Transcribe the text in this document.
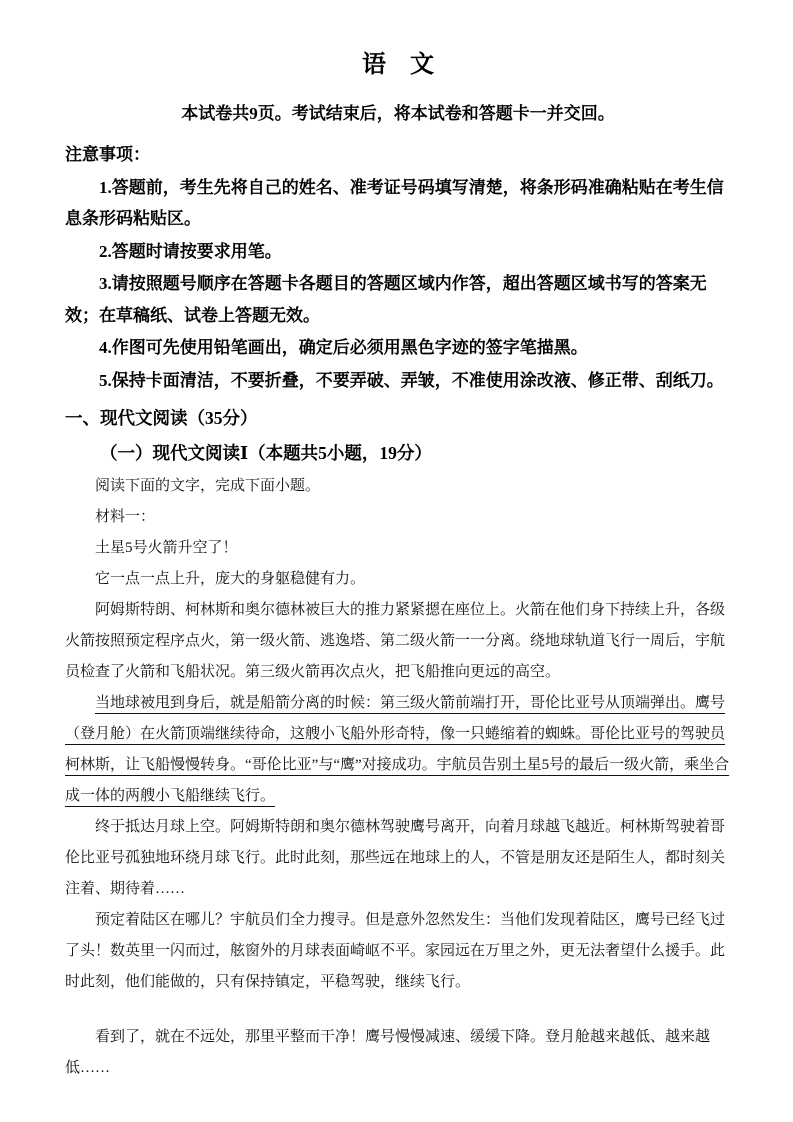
语　文

本试卷共9页。考试结束后，将本试卷和答题卡一并交回。

注意事项：

1.答题前，考生先将自己的姓名、准考证号码填写清楚，将条形码准确粘贴在考生信息条形码粘贴区。

2.答题时请按要求用笔。

3.请按照题号顺序在答题卡各题目的答题区域内作答，超出答题区域书写的答案无效；在草稿纸、试卷上答题无效。

4.作图可先使用铅笔画出，确定后必须用黑色字迹的签字笔描黑。

5.保持卡面清洁，不要折叠，不要弄破、弄皱，不准使用涂改液、修正带、刮纸刀。

一、现代文阅读（35分）
（一）现代文阅读Ⅰ（本题共5小题，19分）

阅读下面的文字，完成下面小题。

材料一：

土星5号火箭升空了！

它一点一点上升，庞大的身躯稳健有力。

阿姆斯特朗、柯林斯和奥尔德林被巨大的推力紧紧摁在座位上。火箭在他们身下持续上升，各级火箭按照预定程序点火，第一级火箭、逃逸塔、第二级火箭一一分离。绕地球轨道飞行一周后，宇航员检查了火箭和飞船状况。第三级火箭再次点火，把飞船推向更远的高空。

当地球被甩到身后，就是船箭分离的时候：第三级火箭前端打开，哥伦比亚号从顶端弹出。鹰号（登月舱）在火箭顶端继续待命，这艘小飞船外形奇特，像一只蜷缩着的蜘蛛。哥伦比亚号的驾驶员柯林斯，让飞船慢慢转身。“哥伦比亚”与“鹰”对接成功。宇航员告别土星5号的最后一级火箭，乘坐合成一体的两艘小飞船继续飞行。

终于抵达月球上空。阿姆斯特朗和奥尔德林驾驶鹰号离开，向着月球越飞越近。柯林斯驾驶着哥伦比亚号孤独地环绕月球飞行。此时此刻，那些远在地球上的人，不管是朋友还是陌生人，都时刻关注着、期待着……

预定着陆区在哪儿？宇航员们全力搜寻。但是意外忽然发生：当他们发现着陆区，鹰号已经飞过了头！数英里一闪而过，舷窗外的月球表面崎岖不平。家园远在万里之外，更无法奢望什么援手。此时此刻，他们能做的，只有保持镇定，平稳驾驶，继续飞行。

看到了，就在不远处，那里平整而干净！鹰号慢慢减速、缓缓下降。登月舱越来越低、越来越低……
